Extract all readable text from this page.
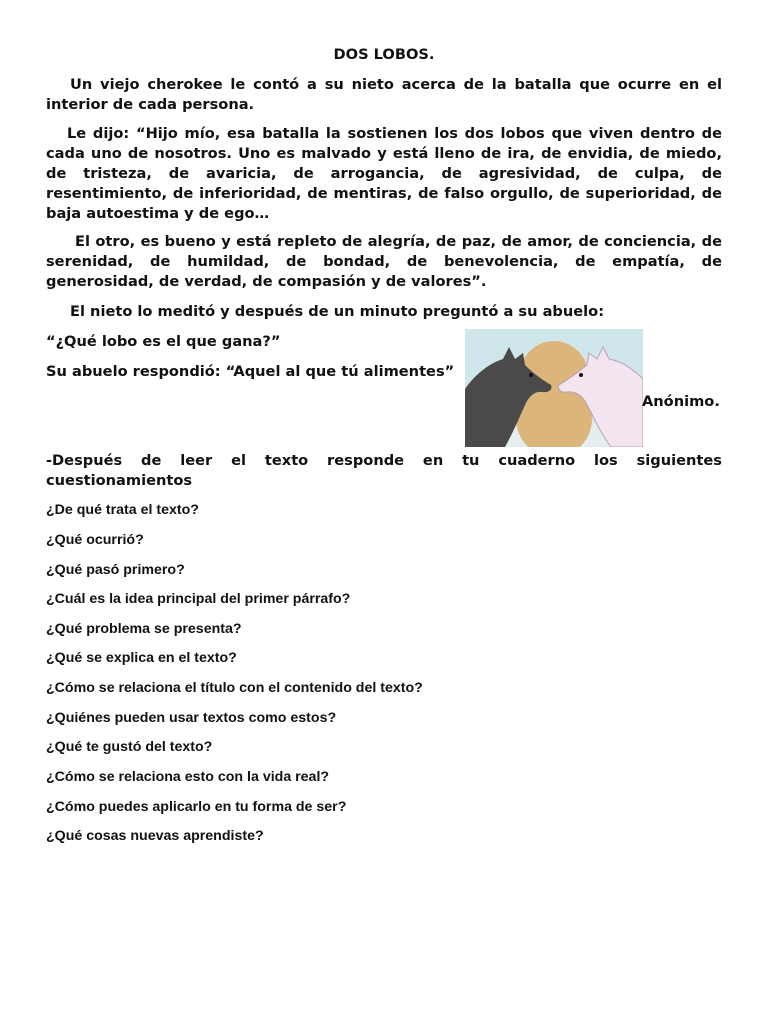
DOS LOBOS.

Un viejo cherokee le contó a su nieto acerca de la batalla que ocurre en el interior de cada persona.

Le dijo: “Hijo mío, esa batalla la sostienen los dos lobos que viven dentro de cada uno de nosotros. Uno es malvado y está lleno de ira, de envidia, de miedo, de tristeza, de avaricia, de arrogancia, de agresividad, de culpa, de resentimiento, de inferioridad, de mentiras, de falso orgullo, de superioridad, de baja autoestima y de ego…

El otro, es bueno y está repleto de alegría, de paz, de amor, de conciencia, de serenidad, de humildad, de bondad, de benevolencia, de empatía, de generosidad, de verdad, de compasión y de valores”.

El nieto lo meditó y después de un minuto preguntó a su abuelo:
“¿Qué lobo es el que gana?”
Su abuelo respondió: “Aquel al que tú alimentes”
Anónimo.

-Después de leer el texto responde en tu cuaderno los siguientes cuestionamientos

¿De qué trata el texto?
¿Qué ocurrió?
¿Qué pasó primero?
¿Cuál es la idea principal del primer párrafo?
¿Qué problema se presenta?
¿Qué se explica en el texto?
¿Cómo se relaciona el título con el contenido del texto?
¿Quiénes pueden usar textos como estos?
¿Qué te gustó del texto?
¿Cómo se relaciona esto con la vida real?
¿Cómo puedes aplicarlo en tu forma de ser?
¿Qué cosas nuevas aprendiste?
